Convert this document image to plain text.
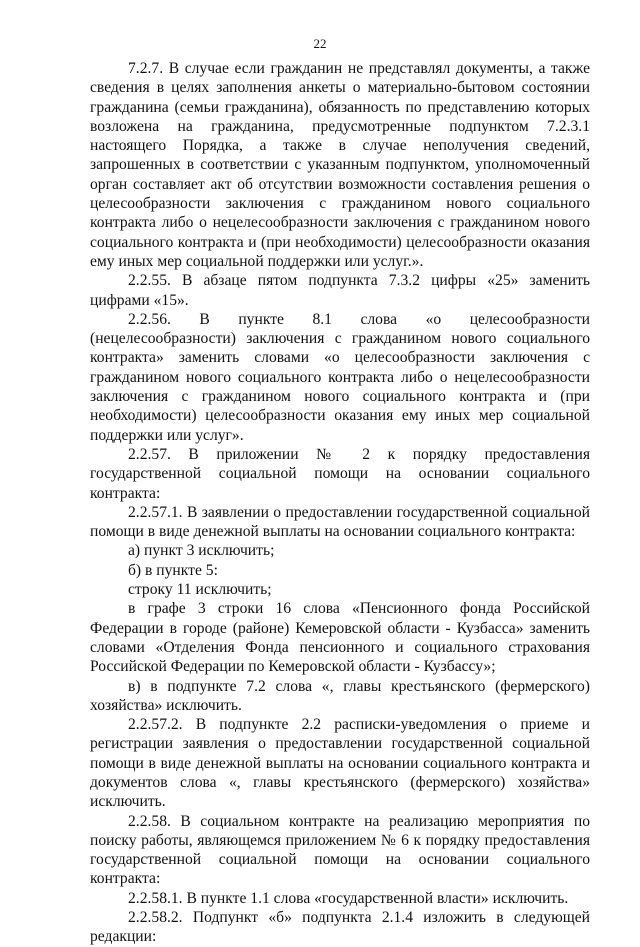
22

7.2.7. В случае если гражданин не представлял документы, а также сведения в целях заполнения анкеты о материально-бытовом состоянии гражданина (семьи гражданина), обязанность по представлению которых возложена на гражданина, предусмотренные подпунктом 7.2.3.1 настоящего Порядка, а также в случае неполучения сведений, запрошенных в соответствии с указанным подпунктом, уполномоченный орган составляет акт об отсутствии возможности составления решения о целесообразности заключения с гражданином нового социального контракта либо о нецелесообразности заключения с гражданином нового социального контракта и (при необходимости) целесообразности оказания ему иных мер социальной поддержки или услуг.».

2.2.55. В абзаце пятом подпункта 7.3.2 цифры «25» заменить цифрами «15».

2.2.56. В пункте 8.1 слова «о целесообразности (нецелесообразности) заключения с гражданином нового социального контракта» заменить словами «о целесообразности заключения с гражданином нового социального контракта либо о нецелесообразности заключения с гражданином нового социального контракта и (при необходимости) целесообразности оказания ему иных мер социальной поддержки или услуг».

2.2.57. В приложении № 2 к порядку предоставления государственной социальной помощи на основании социального контракта:

2.2.57.1. В заявлении о предоставлении государственной социальной помощи в виде денежной выплаты на основании социального контракта:

а) пункт 3 исключить;

б) в пункте 5:

строку 11 исключить;

в графе 3 строки 16 слова «Пенсионного фонда Российской Федерации в городе (районе) Кемеровской области - Кузбасса» заменить словами «Отделения Фонда пенсионного и социального страхования Российской Федерации по Кемеровской области - Кузбассу»;

в) в подпункте 7.2 слова «, главы крестьянского (фермерского) хозяйства» исключить.

2.2.57.2. В подпункте 2.2 расписки-уведомления о приеме и регистрации заявления о предоставлении государственной социальной помощи в виде денежной выплаты на основании социального контракта и документов слова «, главы крестьянского (фермерского) хозяйства» исключить.

2.2.58. В социальном контракте на реализацию мероприятия по поиску работы, являющемся приложением № 6 к порядку предоставления государственной социальной помощи на основании социального контракта:

2.2.58.1. В пункте 1.1 слова «государственной власти» исключить.

2.2.58.2. Подпункт «б» подпункта 2.1.4 изложить в следующей редакции:
